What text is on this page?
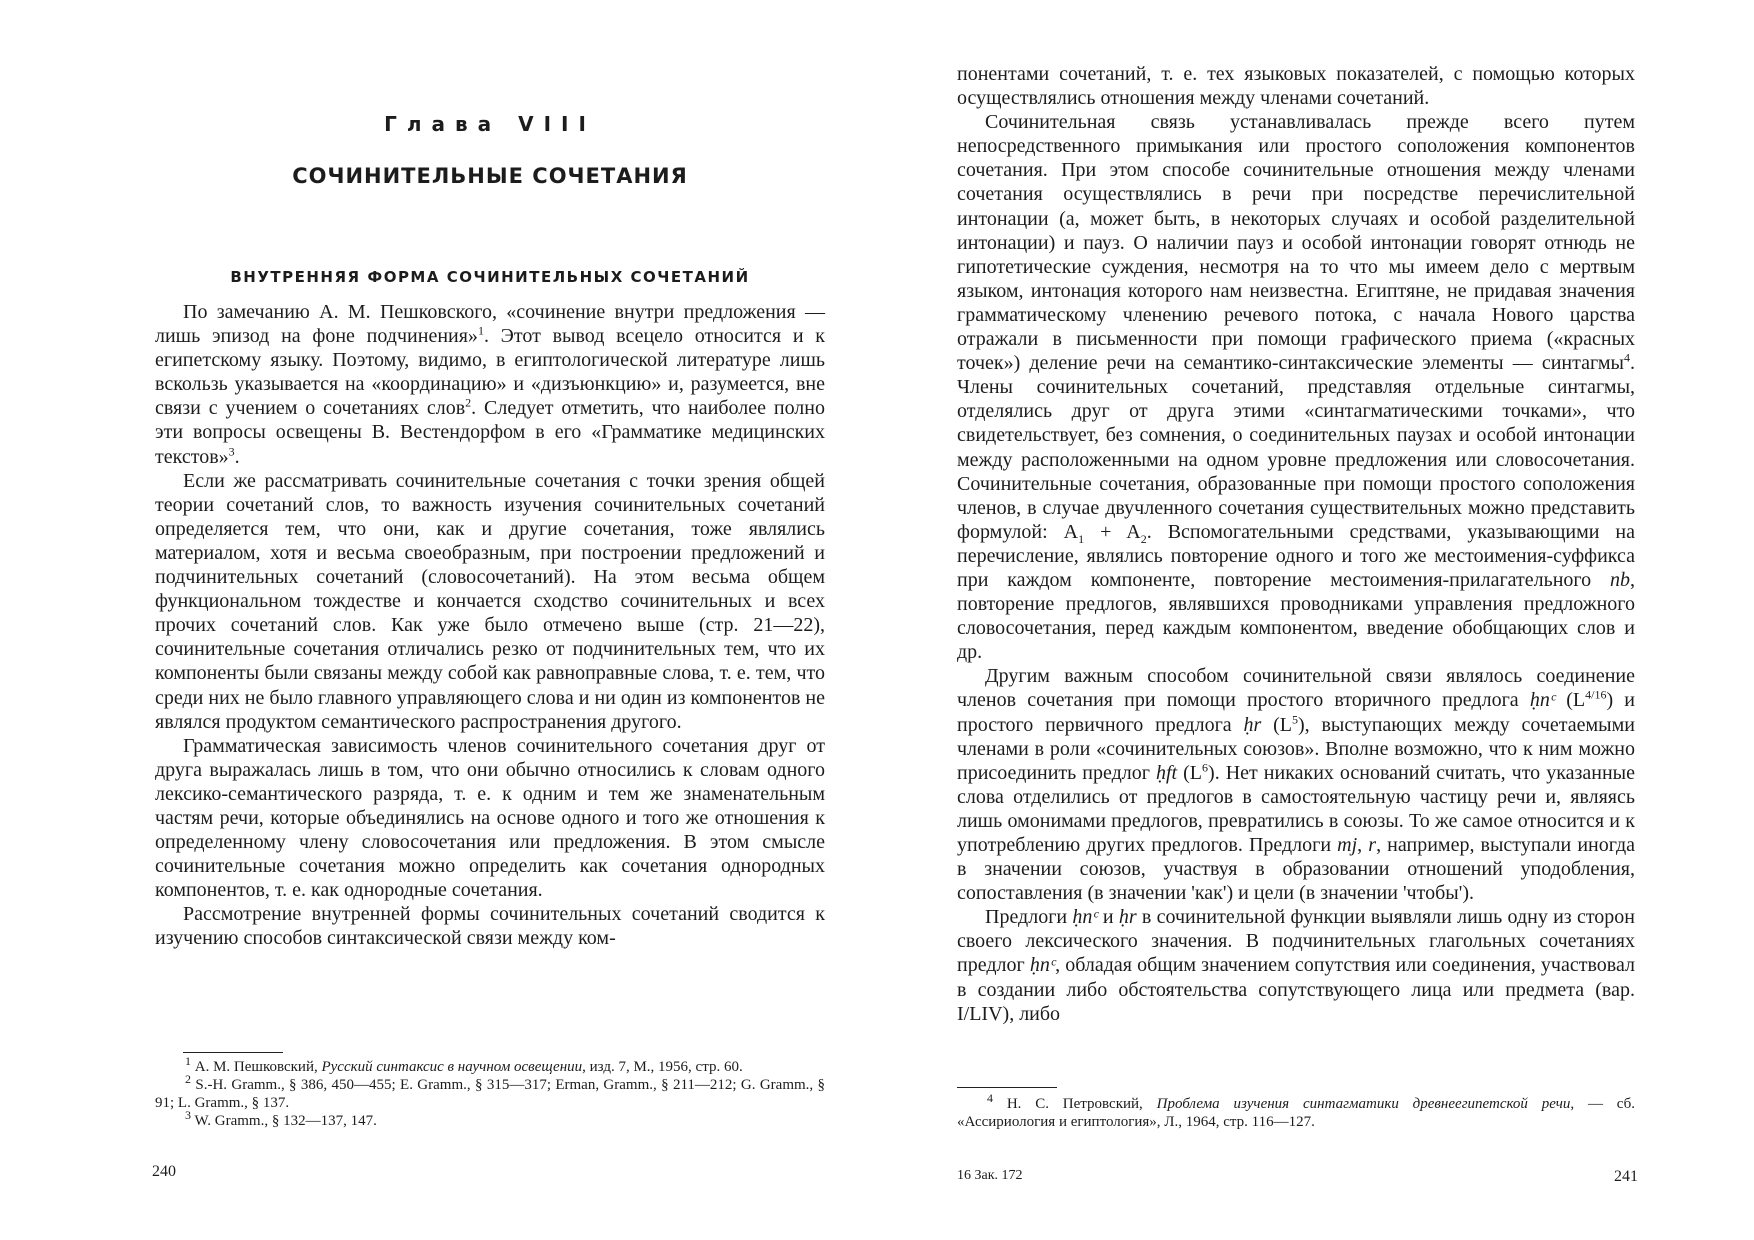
Глава VIII
СОЧИНИТЕЛЬНЫЕ СОЧЕТАНИЯ
ВНУТРЕННЯЯ ФОРМА СОЧИНИТЕЛЬНЫХ СОЧЕТАНИЙ

По замечанию А. М. Пешковского, «сочинение внутри предложения — лишь эпизод на фоне подчинения»$^1$. Этот вывод всецело относится и к египетскому языку. Поэтому, видимо, в египтологической литературе лишь вскользь указывается на «координацию» и «дизъюнкцию» и, разумеется, вне связи с учением о сочетаниях слов$^2$. Следует отметить, что наиболее полно эти вопросы освещены В. Вестендорфом в его «Грамматике медицинских текстов»$^3$.

Если же рассматривать сочинительные сочетания с точки зрения общей теории сочетаний слов, то важность изучения сочинительных сочетаний определяется тем, что они, как и другие сочетания, тоже являлись материалом, хотя и весьма своеобразным, при построении предложений и подчинительных сочетаний (словосочетаний). На этом весьма общем функциональном тождестве и кончается сходство сочинительных и всех прочих сочетаний слов. Как уже было отмечено выше (стр. 21—22), сочинительные сочетания отличались резко от подчинительных тем, что их компоненты были связаны между собой как равноправные слова, т. е. тем, что среди них не было главного управляющего слова и ни один из компонентов не являлся продуктом семантического распространения другого.

Грамматическая зависимость членов сочинительного сочетания друг от друга выражалась лишь в том, что они обычно относились к словам одного лексико-семантического разряда, т. е. к одним и тем же знаменательным частям речи, которые объединялись на основе одного и того же отношения к определенному члену словосочетания или предложения. В этом смысле сочинительные сочетания можно определить как сочетания однородных компонентов, т. е. как однородные сочетания.

Рассмотрение внутренней формы сочинительных сочетаний сводится к изучению способов синтаксической связи между ком-

$^1$ А. М. Пешковский, Русский синтаксис в научном освещении, изд. 7, М., 1956, стр. 60.

$^2$ S.-H. Gramm., § 386, 450—455; E. Gramm., § 315—317; Erman, Gramm., § 211—212; G. Gramm., § 91; L. Gramm., § 137.

$^3$ W. Gramm., § 132—137, 147.

240

понентами сочетаний, т. е. тех языковых показателей, с помощью которых осуществлялись отношения между членами сочетаний.

Сочинительная связь устанавливалась прежде всего путем непосредственного примыкания или простого соположения компонентов сочетания. При этом способе сочинительные отношения между членами сочетания осуществлялись в речи при посредстве перечислительной интонации (а, может быть, в некоторых случаях и особой разделительной интонации) и пауз. О наличии пауз и особой интонации говорят отнюдь не гипотетические суждения, несмотря на то что мы имеем дело с мертвым языком, интонация которого нам неизвестна. Египтяне, не придавая значения грамматическому членению речевого потока, с начала Нового царства отражали в письменности при помощи графического приема («красных точек») деление речи на семантико-синтаксические элементы — синтагмы$^4$. Члены сочинительных сочетаний, представляя отдельные синтагмы, отделялись друг от друга этими «синтагматическими точками», что свидетельствует, без сомнения, о соединительных паузах и особой интонации между расположенными на одном уровне предложения или словосочетания. Сочинительные сочетания, образованные при помощи простого соположения членов, в случае двучленного сочетания существительных можно представить формулой: $A_1 + A_2$. Вспомогательными средствами, указывающими на перечисление, являлись повторение одного и того же местоимения-суффикса при каждом компоненте, повторение местоимения-прилагательного nb, повторение предлогов, являвшихся проводниками управления предложного словосочетания, перед каждым компонентом, введение обобщающих слов и др.

Другим важным способом сочинительной связи являлось соединение членов сочетания при помощи простого вторичного предлога ḥnᶜ $(L^{4/16})$ и простого первичного предлога ḥr $(L^5)$, выступающих между сочетаемыми членами в роли «сочинительных союзов». Вполне возможно, что к ним можно присоединить предлог ḥft $(L^6)$. Нет никаких оснований считать, что указанные слова отделились от предлогов в самостоятельную частицу речи и, являясь лишь омонимами предлогов, превратились в союзы. То же самое относится и к употреблению других предлогов. Предлоги mj, r, например, выступали иногда в значении союзов, участвуя в образовании отношений уподобления, сопоставления (в значении 'как') и цели (в значении 'чтобы').

Предлоги ḥnᶜ и ḥr в сочинительной функции выявляли лишь одну из сторон своего лексического значения. В подчинительных глагольных сочетаниях предлог ḥnᶜ, обладая общим значением сопутствия или соединения, участвовал в создании либо обстоятельства сопутствующего лица или предмета (вар. I/LIV), либо

$^4$ Н. С. Петровский, Проблема изучения синтагматики древнеегипетской речи, — сб. «Ассириология и египтология», Л., 1964, стр. 116—127.

16 Зак. 172	241
